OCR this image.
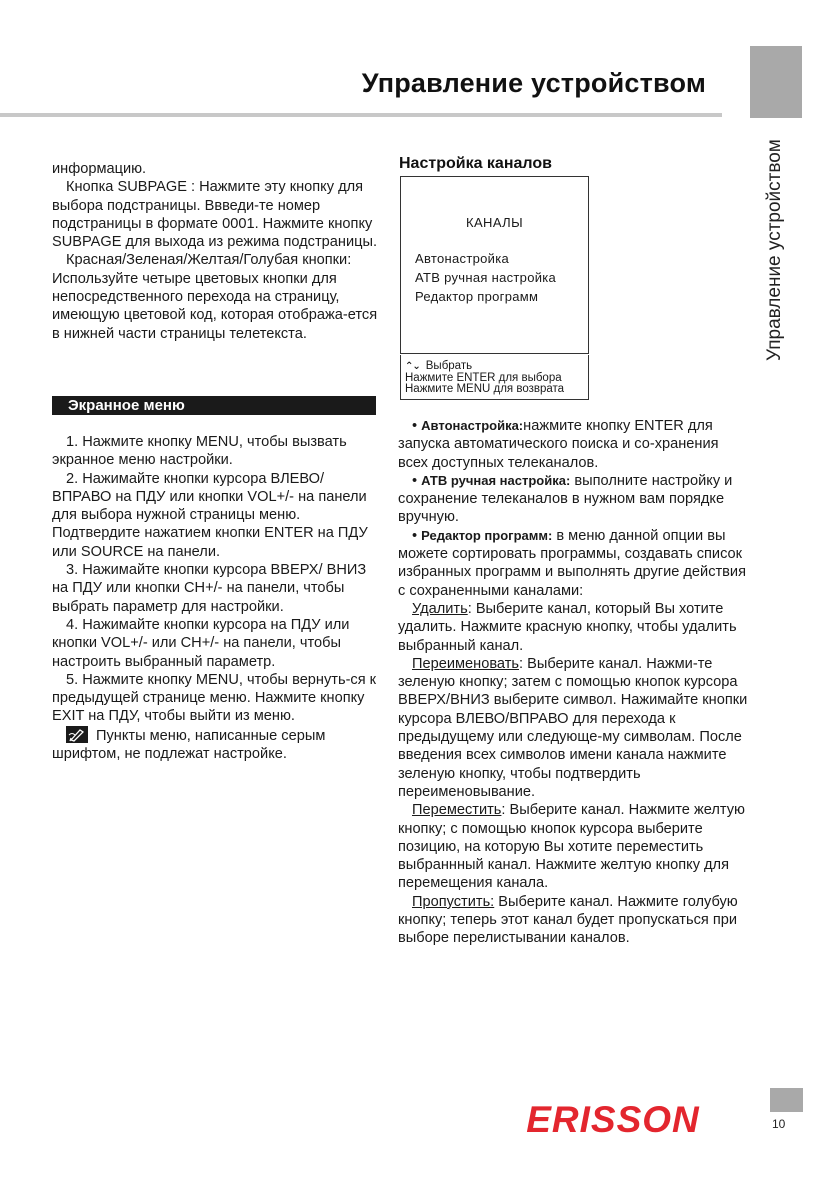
Управление устройством
Управление устройством

информацию.

Кнопка SUBPAGE : Нажмите эту кнопку для выбора подстраницы. Ввведи-те номер подстраницы в формате 0001. Нажмите кнопку SUBPAGE для выхода из режима подстраницы.

Красная/Зеленая/Желтая/Голубая кнопки: Используйте четыре цветовых кнопки для непосредственного перехода на страницу, имеющую цветовой код, которая отобража-ется в нижней части страницы телетекста.

Экранное меню

1. Нажмите кнопку MENU, чтобы вызвать экранное меню настройки.

2. Нажимайте кнопки курсора ВЛЕВО/ ВПРАВО на ПДУ или кнопки VOL+/- на панели для выбора нужной страницы меню. Подтвердите нажатием кнопки ENTER на ПДУ или SOURCE на панели.

3. Нажимайте кнопки курсора ВВЕРХ/ ВНИЗ на ПДУ или кнопки CH+/- на панели, чтобы выбрать параметр для настройки.

4. Нажимайте кнопки курсора на ПДУ или кнопки VOL+/- или CH+/- на панели, чтобы настроить выбранный параметр.

5. Нажмите кнопку MENU, чтобы вернуть-ся к предыдущей странице меню. Нажмите кнопку EXIT на ПДУ, чтобы выйти из меню.

Пункты меню, написанные серым шрифтом, не подлежат настройке.

Настройка каналов
КАНАЛЫ
Автонастройка
АТВ ручная настройка
Редактор программ
⌃⌄ Выбрать
Нажмите ENTER для выбора
Нажмите MENU для возврата

• Автонастройка:нажмите кнопку ENTER для запуска автоматического поиска и со-хранения всех доступных телеканалов.

• АТВ ручная настройка: выполните настройку и сохранение телеканалов в нужном вам порядке вручную.

• Редактор программ: в меню данной опции вы можете сортировать программы, создавать список избранных программ и выполнять другие действия с сохраненными каналами:

Удалить: Выберите канал, который Вы хотите удалить. Нажмите красную кнопку, чтобы удалить выбранный канал.

Переименовать: Выберите канал. Нажми-те зеленую кнопку; затем с помощью кнопок курсора ВВЕРХ/ВНИЗ выберите символ. Нажимайте кнопки курсора ВЛЕВО/ВПРАВО для перехода к предыдущему или следующе-му символам. После введения всех символов имени канала нажмите зеленую кнопку, чтобы подтвердить переименовывание.

Переместить: Выберите канал. Нажмите желтую кнопку; с помощью кнопок курсора выберите позицию, на которую Вы хотите переместить выбраннный канал. Нажмите желтую кнопку для перемещения канала.

Пропустить: Выберите канал. Нажмите голубую кнопку; теперь этот канал будет пропускаться при выборе перелистывании каналов.

ERISSON	10
